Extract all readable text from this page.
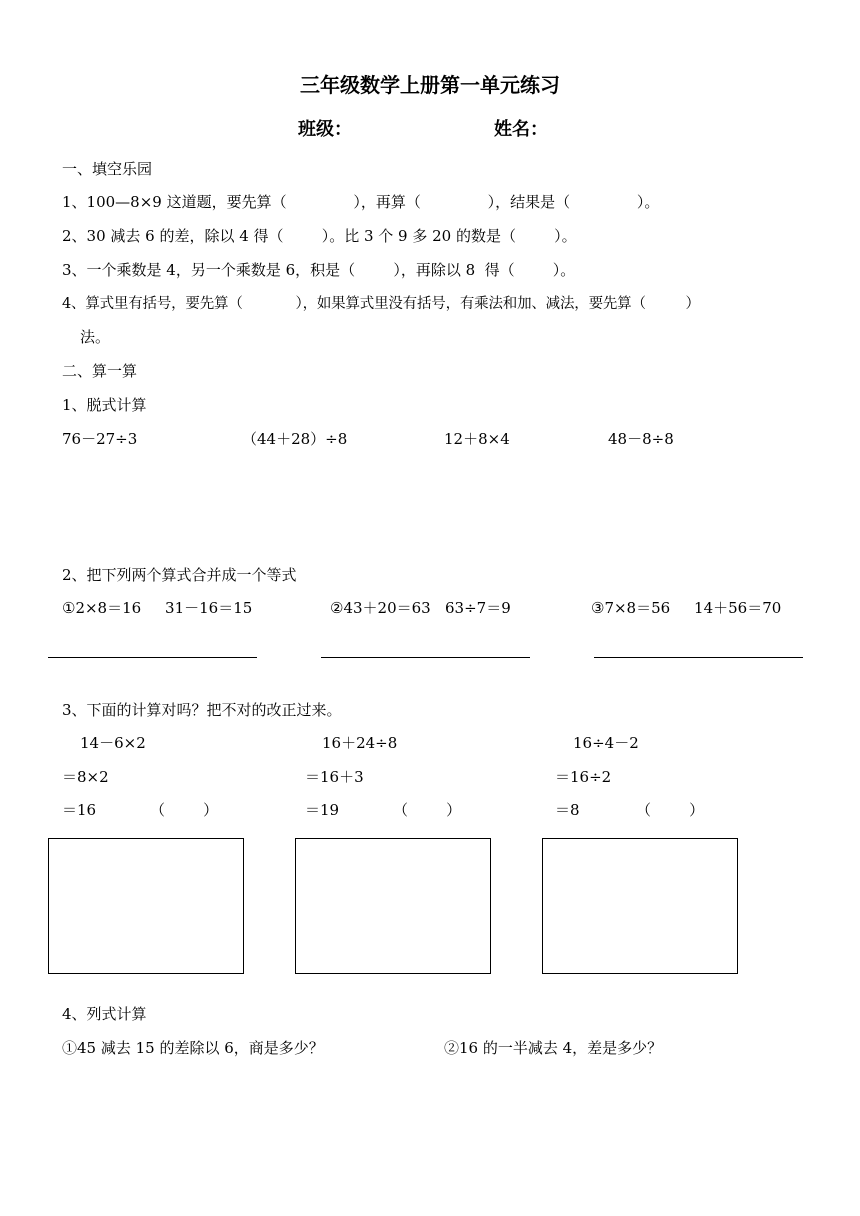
三年级数学上册第一单元练习
班级：	姓名：
一、填空乐园
1、100—8×9 这道题，要先算（              ），再算（              ），结果是（              ）。
2、30 减去 6 的差，除以 4 得（        ）。比 3 个 9 多 20 的数是（        ）。
3、一个乘数是 4，另一个乘数是 6，积是（        ），再除以 8  得（        ）。
4、算式里有括号，要先算（            ），如果算式里没有括号，有乘法和加、减法，要先算（         ）
法。
二、算一算
1、脱式计算
76－27÷3	（44＋28）÷8	12＋8×4	48－8÷8
2、把下列两个算式合并成一个等式
①2×8＝16     31－16＝15	②43＋20＝63   63÷7＝9	③7×8＝56     14＋56＝70
3、下面的计算对吗？把不对的改正过来。
14－6×2
＝8×2
＝16	（        ）
16＋24÷8
＝16＋3
＝19	（        ）
16÷4－2
＝16÷2
＝8	（        ）
4、列式计算
①45 减去 15 的差除以 6，商是多少？	②16 的一半减去 4，差是多少？
